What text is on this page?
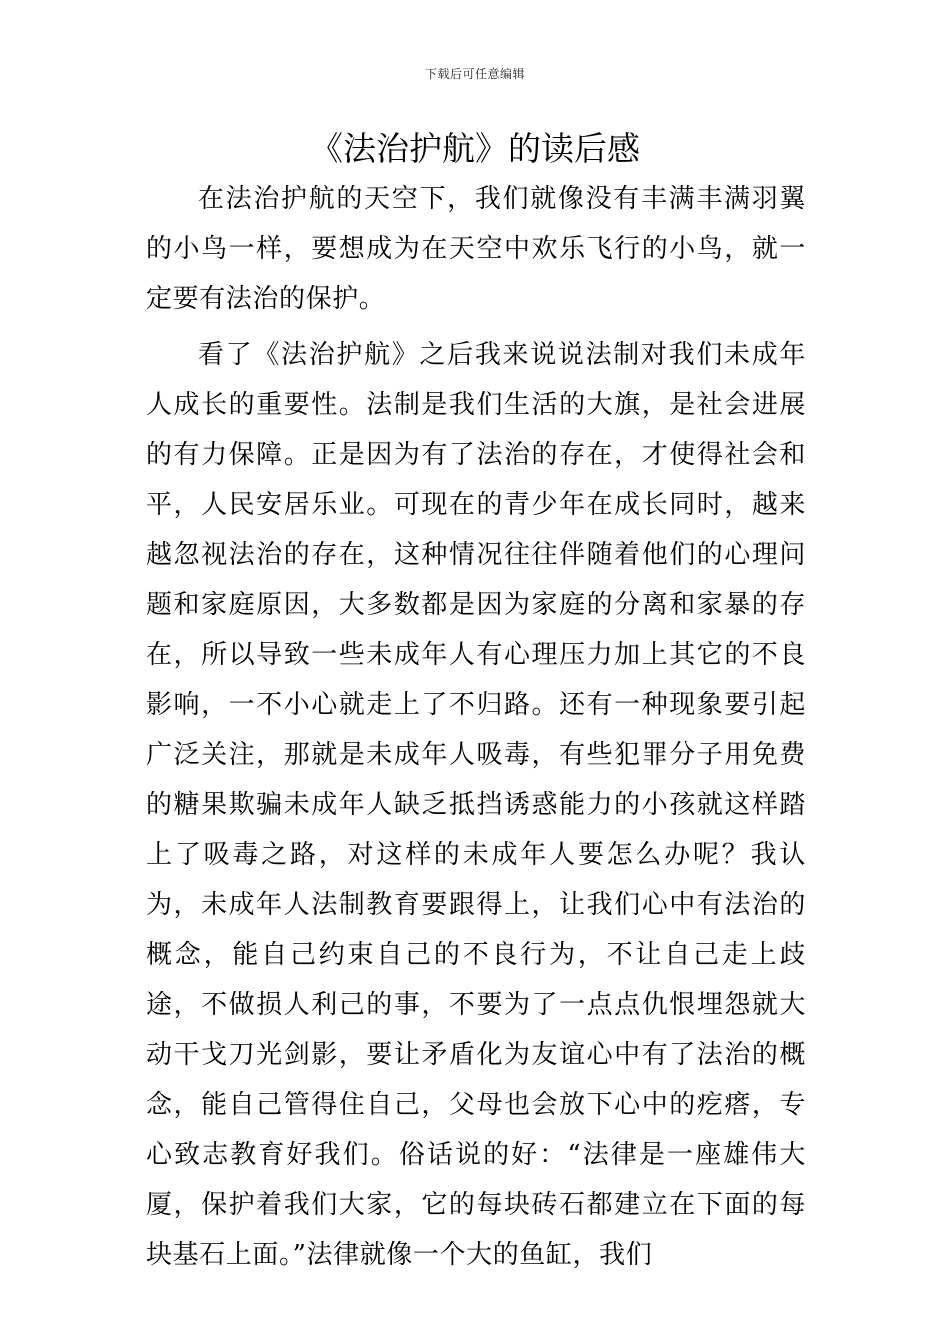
下载后可任意编辑
《法治护航》的读后感

在法治护航的天空下，我们就像没有丰满丰满羽翼的小鸟一样，要想成为在天空中欢乐飞行的小鸟，就一定要有法治的保护。

看了《法治护航》之后我来说说法制对我们未成年人成长的重要性。法制是我们生活的大旗，是社会进展的有力保障。正是因为有了法治的存在，才使得社会和平，人民安居乐业。可现在的青少年在成长同时，越来越忽视法治的存在，这种情况往往伴随着他们的心理问题和家庭原因，大多数都是因为家庭的分离和家暴的存在，所以导致一些未成年人有心理压力加上其它的不良影响，一不小心就走上了不归路。还有一种现象要引起广泛关注，那就是未成年人吸毒，有些犯罪分子用免费的糖果欺骗未成年人缺乏抵挡诱惑能力的小孩就这样踏上了吸毒之路，对这样的未成年人要怎么办呢？我认为，未成年人法制教育要跟得上，让我们心中有法治的概念，能自己约束自己的不良行为，不让自己走上歧途，不做损人利己的事，不要为了一点点仇恨埋怨就大动干戈刀光剑影，要让矛盾化为友谊心中有了法治的概念，能自己管得住自己，父母也会放下心中的疙瘩，专心致志教育好我们。俗话说的好：“法律是一座雄伟大厦，保护着我们大家，它的每块砖石都建立在下面的每块基石上面。”法律就像一个大的鱼缸，我们
